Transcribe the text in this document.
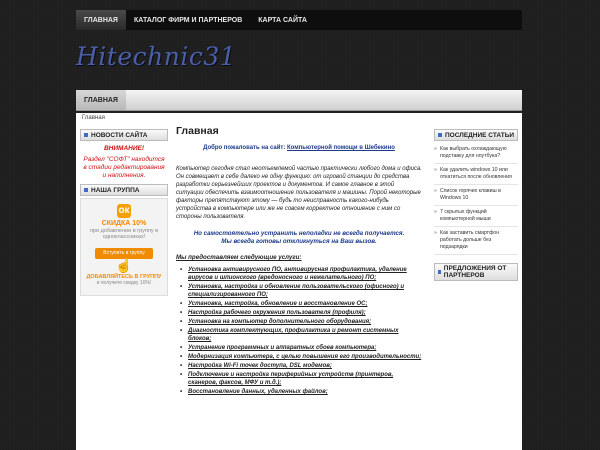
ГЛАВНАЯ	КАТАЛОГ ФИРМ И ПАРТНЕРОВ	КАРТА САЙТА
Hitechnic31
ГЛАВНАЯ
Главная
НОВОСТИ САЙТА
ВНИМАНИЕ!
Раздел "СОФТ" находится в стадии редактирования и наполнения.
НАША ГРУППА
ок
СКИДКА 10%
при добавлении в группу в одноклассниках!
Вступить в группу
☝
ДОБАВЛЯЙТЕСЬ В ГРУППУ
и получите скидку 10%!
Главная
Добро пожаловать на сайт: Компьютерной помощи в Шебекино
Компьютер сегодня стал неотъемлемой частью практически любого дома и офиса. Он совмещает в себе далеко не одну функцию: от игровой станции до средства разработки серьезнейших проектов и документов. И самое главное в этой ситуации обеспечить взаимоотношение пользователя и машины. Порой некоторые факторы препятствуют этому — будь то неисправность какого-нибудь устройства в компьютере или же не совсем корректное отношение с ним со стороны пользователя.
Но самостоятельно устранить неполадки не всегда получается.
Мы всегда готовы откликнуться на Ваш вызов.
Мы предоставляем следующие услуги:
• Установка антивирусного ПО, антивирусная профилактика, удаление вирусов и шпионского (вредоносного и нежелательного) ПО;
• Установка, настройка и обновление пользовательского (офисного) и специализированного ПО;
• Установка, настройка, обновление и восстановление ОС;
• Настройка рабочего окружения пользователя (профиля);
• Установка на компьютер дополнительного оборудования;
• Диагностика комплектующих, профилактика и ремонт системных блоков;
• Устранение программных и аппаратных сбоев компьютера;
• Модернизация компьютера, с целью повышения его производительности;
• Настройка Wi-Fi точек доступа, DSL модемов;
• Подключение и настройка периферийных устройств (принтеров, сканеров, факсов, МФУ и т.д.);
• Восстановление данных, удаленных файлов;
ПОСЛЕДНИЕ СТАТЬИ
» Как выбрать охлаждающую подставку для ноутбука?
» Как удалить windows 10 или откатиться после обновления
» Список горячих клавиш в Windows 10
» 7 скрытых функций компьютерной мыши
» Как заставить смартфон работать дольше без подзарядки
ПРЕДЛОЖЕНИЯ ОТ ПАРТНЕРОВ
